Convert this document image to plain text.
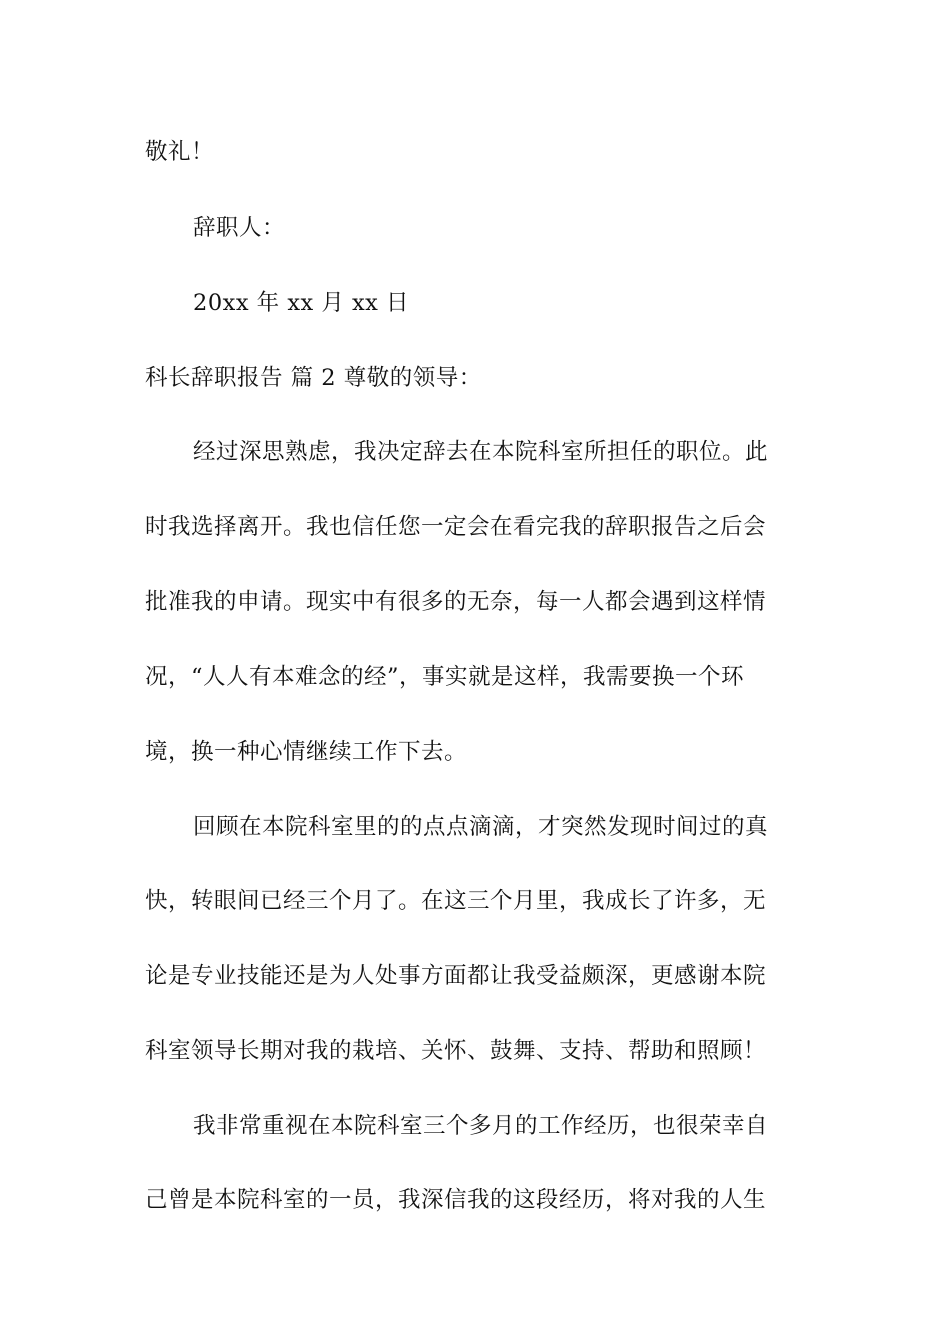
敬礼！
辞职人：
20xx 年 xx 月 xx 日
科长辞职报告 篇 2 尊敬的领导：
经过深思熟虑，我决定辞去在本院科室所担任的职位。此
时我选择离开。我也信任您一定会在看完我的辞职报告之后会
批准我的申请。现实中有很多的无奈，每一人都会遇到这样情
况，“人人有本难念的经”，事实就是这样，我需要换一个环
境，换一种心情继续工作下去。
回顾在本院科室里的的点点滴滴，才突然发现时间过的真
快，转眼间已经三个月了。在这三个月里，我成长了许多，无
论是专业技能还是为人处事方面都让我受益颇深，更感谢本院
科室领导长期对我的栽培、关怀、鼓舞、支持、帮助和照顾！
我非常重视在本院科室三个多月的工作经历，也很荣幸自
己曾是本院科室的一员，我深信我的这段经历，将对我的人生
